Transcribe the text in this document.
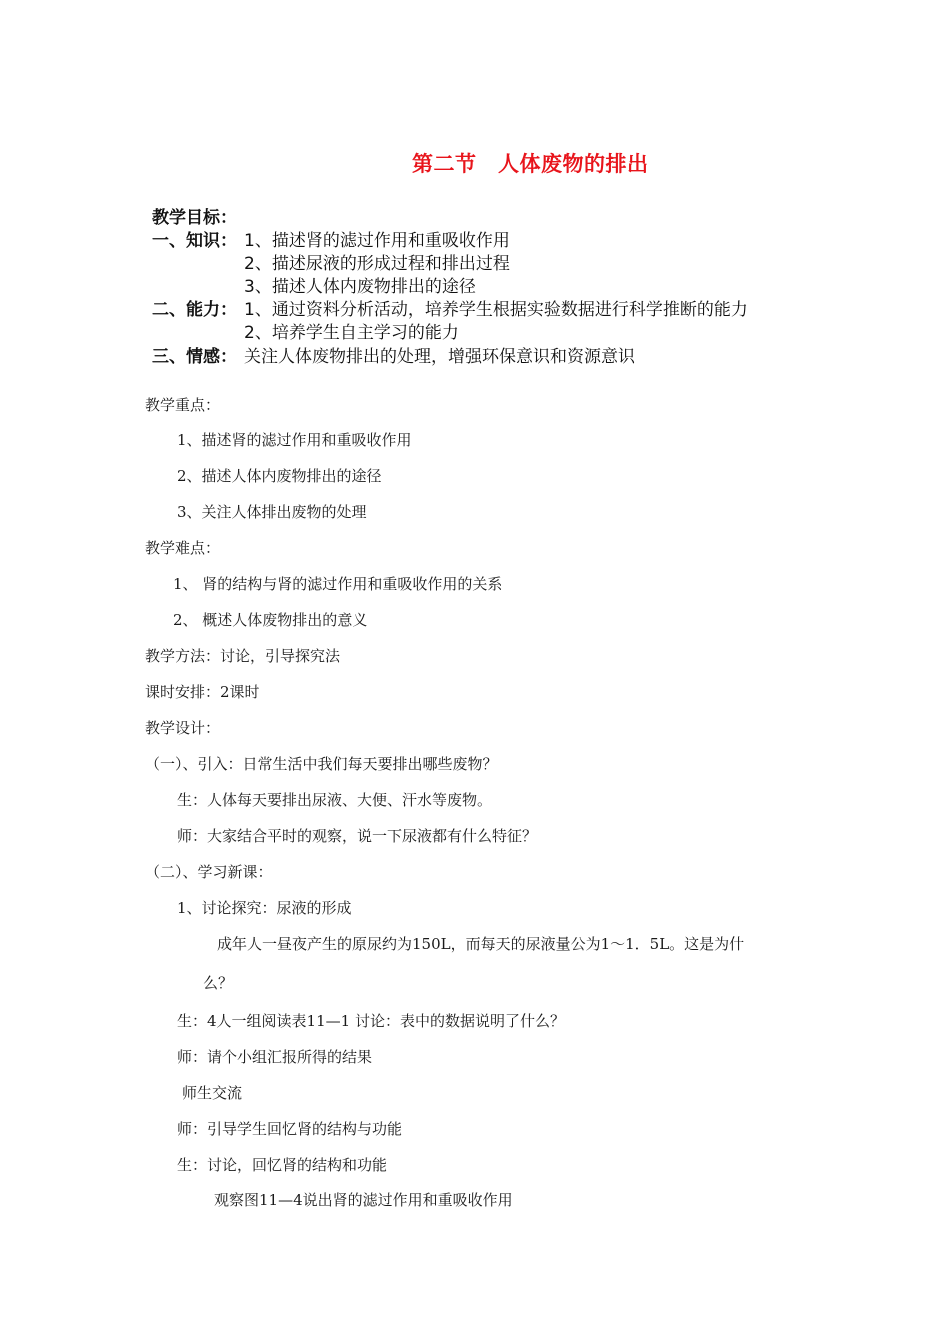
第二节　人体废物的排出
教学目标：
一、知识： 1、描述肾的滤过作用和重吸收作用
2、描述尿液的形成过程和排出过程
3、描述人体内废物排出的途径
二、能力： 1、通过资料分析活动，培养学生根据实验数据进行科学推断的能力
2、培养学生自主学习的能力
三、情感： 关注人体废物排出的处理，增强环保意识和资源意识
教学重点：
1、描述肾的滤过作用和重吸收作用
2、描述人体内废物排出的途径
3、关注人体排出废物的处理
教学难点：
1、 肾的结构与肾的滤过作用和重吸收作用的关系
2、 概述人体废物排出的意义
教学方法：讨论，引导探究法
课时安排：2课时
教学设计：
（一）、引入：日常生活中我们每天要排出哪些废物？
生：人体每天要排出尿液、大便、汗水等废物。
师：大家结合平时的观察，说一下尿液都有什么特征？
（二）、学习新课：
1、讨论探究：尿液的形成
成年人一昼夜产生的原尿约为150L，而每天的尿液量公为1～1．5L。这是为什
么？
生：4人一组阅读表11—1 讨论：表中的数据说明了什么？
师：请个小组汇报所得的结果
师生交流
师：引导学生回忆肾的结构与功能
生：讨论，回忆肾的结构和功能
观察图11—4说出肾的滤过作用和重吸收作用
